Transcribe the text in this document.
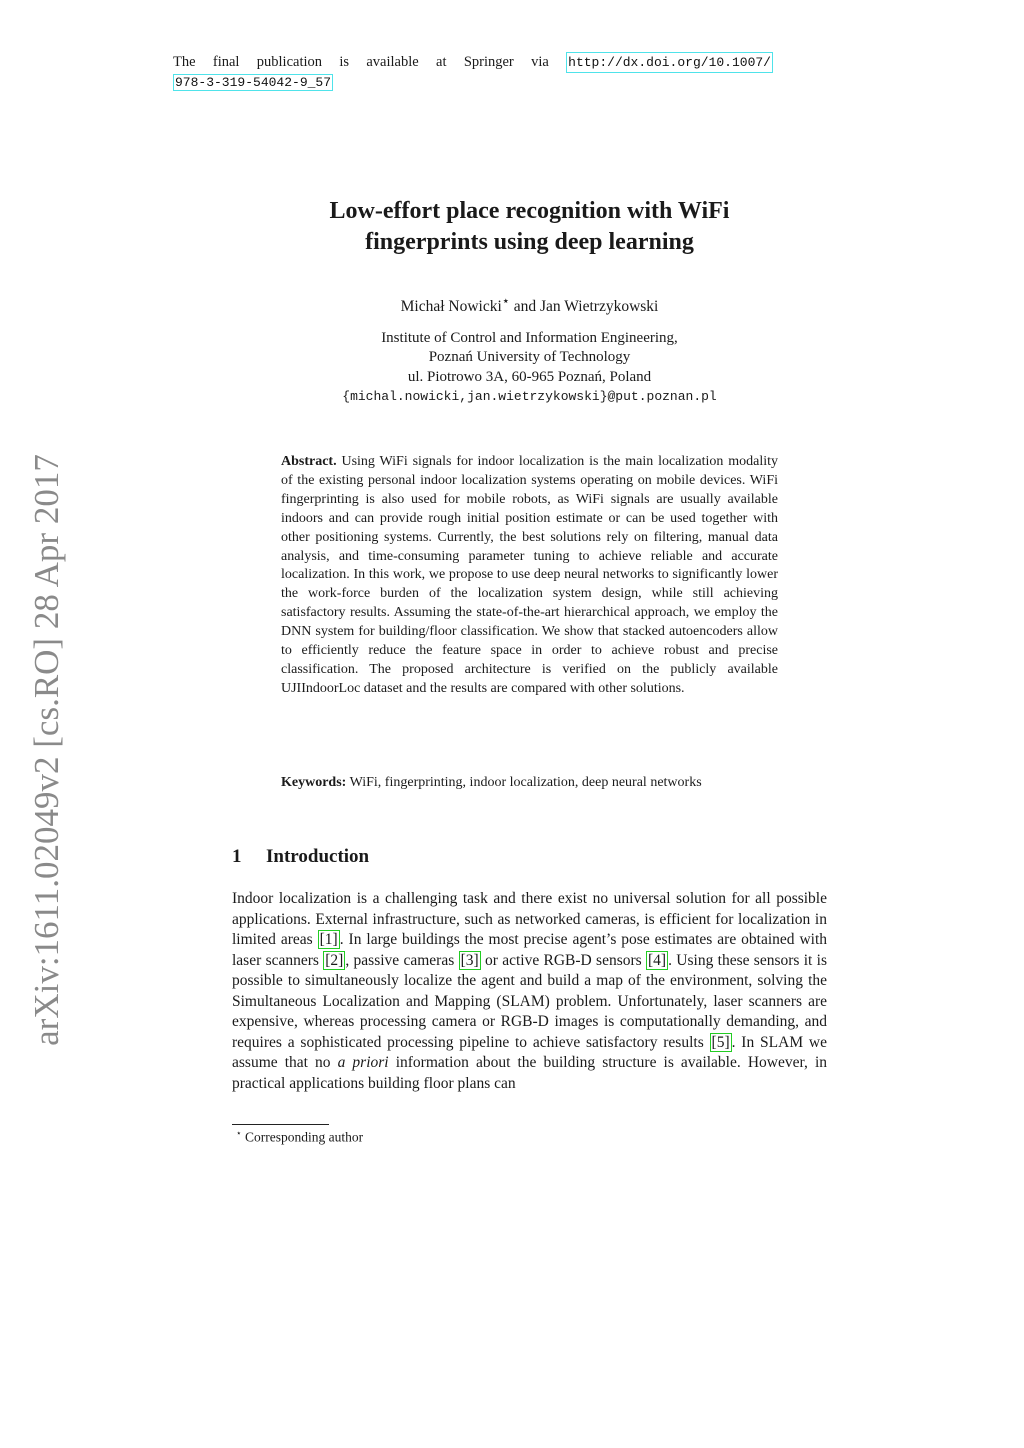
The final publication is available at Springer via http://dx.doi.org/10.1007/
978-3-319-54042-9_57
arXiv:1611.02049v2 [cs.RO] 28 Apr 2017
Low-effort place recognition with WiFi
fingerprints using deep learning
Michał Nowicki⋆ and Jan Wietrzykowski
Institute of Control and Information Engineering,
Poznań University of Technology
ul. Piotrowo 3A, 60-965 Poznań, Poland
{michal.nowicki,jan.wietrzykowski}@put.poznan.pl
Abstract. Using WiFi signals for indoor localization is the main localization modality of the existing personal indoor localization systems operating on mobile devices. WiFi fingerprinting is also used for mobile robots, as WiFi signals are usually available indoors and can provide rough initial position estimate or can be used together with other positioning systems. Currently, the best solutions rely on filtering, manual data analysis, and time-consuming parameter tuning to achieve reliable and accurate localization. In this work, we propose to use deep neural networks to significantly lower the work-force burden of the localization system design, while still achieving satisfactory results. Assuming the state-of-the-art hierarchical approach, we employ the DNN system for building/floor classification. We show that stacked autoencoders allow to efficiently reduce the feature space in order to achieve robust and precise classification. The proposed architecture is verified on the publicly available UJIIndoorLoc dataset and the results are compared with other solutions.
Keywords: WiFi, fingerprinting, indoor localization, deep neural networks
1 Introduction
Indoor localization is a challenging task and there exist no universal solution for all possible applications. External infrastructure, such as networked cameras, is efficient for localization in limited areas [1] . In large buildings the most precise agent’s pose estimates are obtained with laser scanners [2] , passive cameras [3] or active RGB-D sensors [4] . Using these sensors it is possible to simultaneously localize the agent and build a map of the environment, solving the Simultaneous Localization and Mapping (SLAM) problem. Unfortunately, laser scanners are expensive, whereas processing camera or RGB-D images is computationally demanding, and requires a sophisticated processing pipeline to achieve satisfactory results [5] . In SLAM we assume that no a priori information about the building structure is available. However, in practical applications building floor plans can
⋆ Corresponding author
